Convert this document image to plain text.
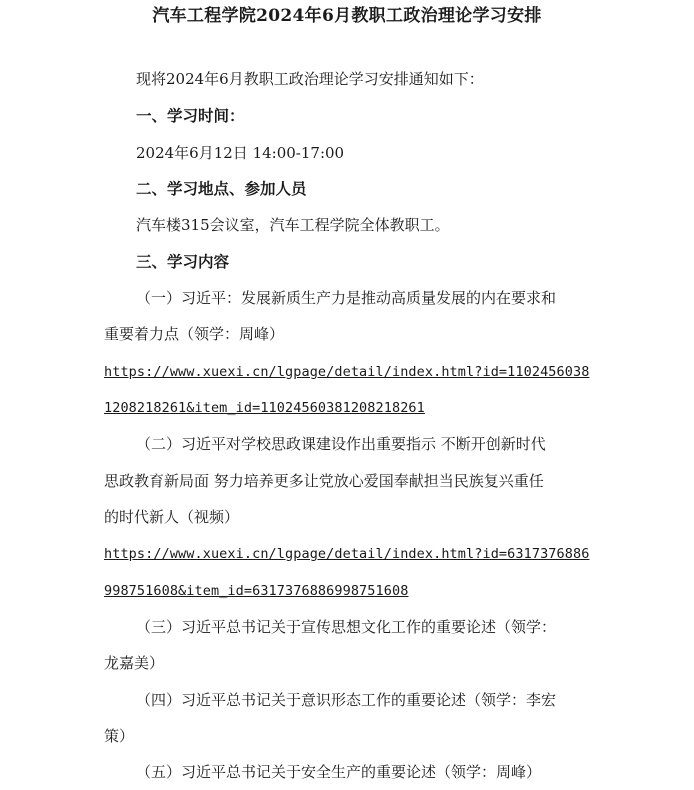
汽车工程学院2024年6月教职工政治理论学习安排
现将2024年6月教职工政治理论学习安排通知如下：
一、学习时间：
2024年6月12日 14:00-17:00
二、学习地点、参加人员
汽车楼315会议室，汽车工程学院全体教职工。
三、学习内容
（一）习近平：发展新质生产力是推动高质量发展的内在要求和
重要着力点（领学：周峰）
https://www.xuexi.cn/lgpage/detail/index.html?id=1102456038
1208218261&item_id=11024560381208218261
（二）习近平对学校思政课建设作出重要指示 不断开创新时代
思政教育新局面 努力培养更多让党放心爱国奉献担当民族复兴重任
的时代新人（视频）
https://www.xuexi.cn/lgpage/detail/index.html?id=6317376886
998751608&item_id=6317376886998751608
（三）习近平总书记关于宣传思想文化工作的重要论述（领学：
龙嘉美）
（四）习近平总书记关于意识形态工作的重要论述（领学：李宏
策）
（五）习近平总书记关于安全生产的重要论述（领学：周峰）
